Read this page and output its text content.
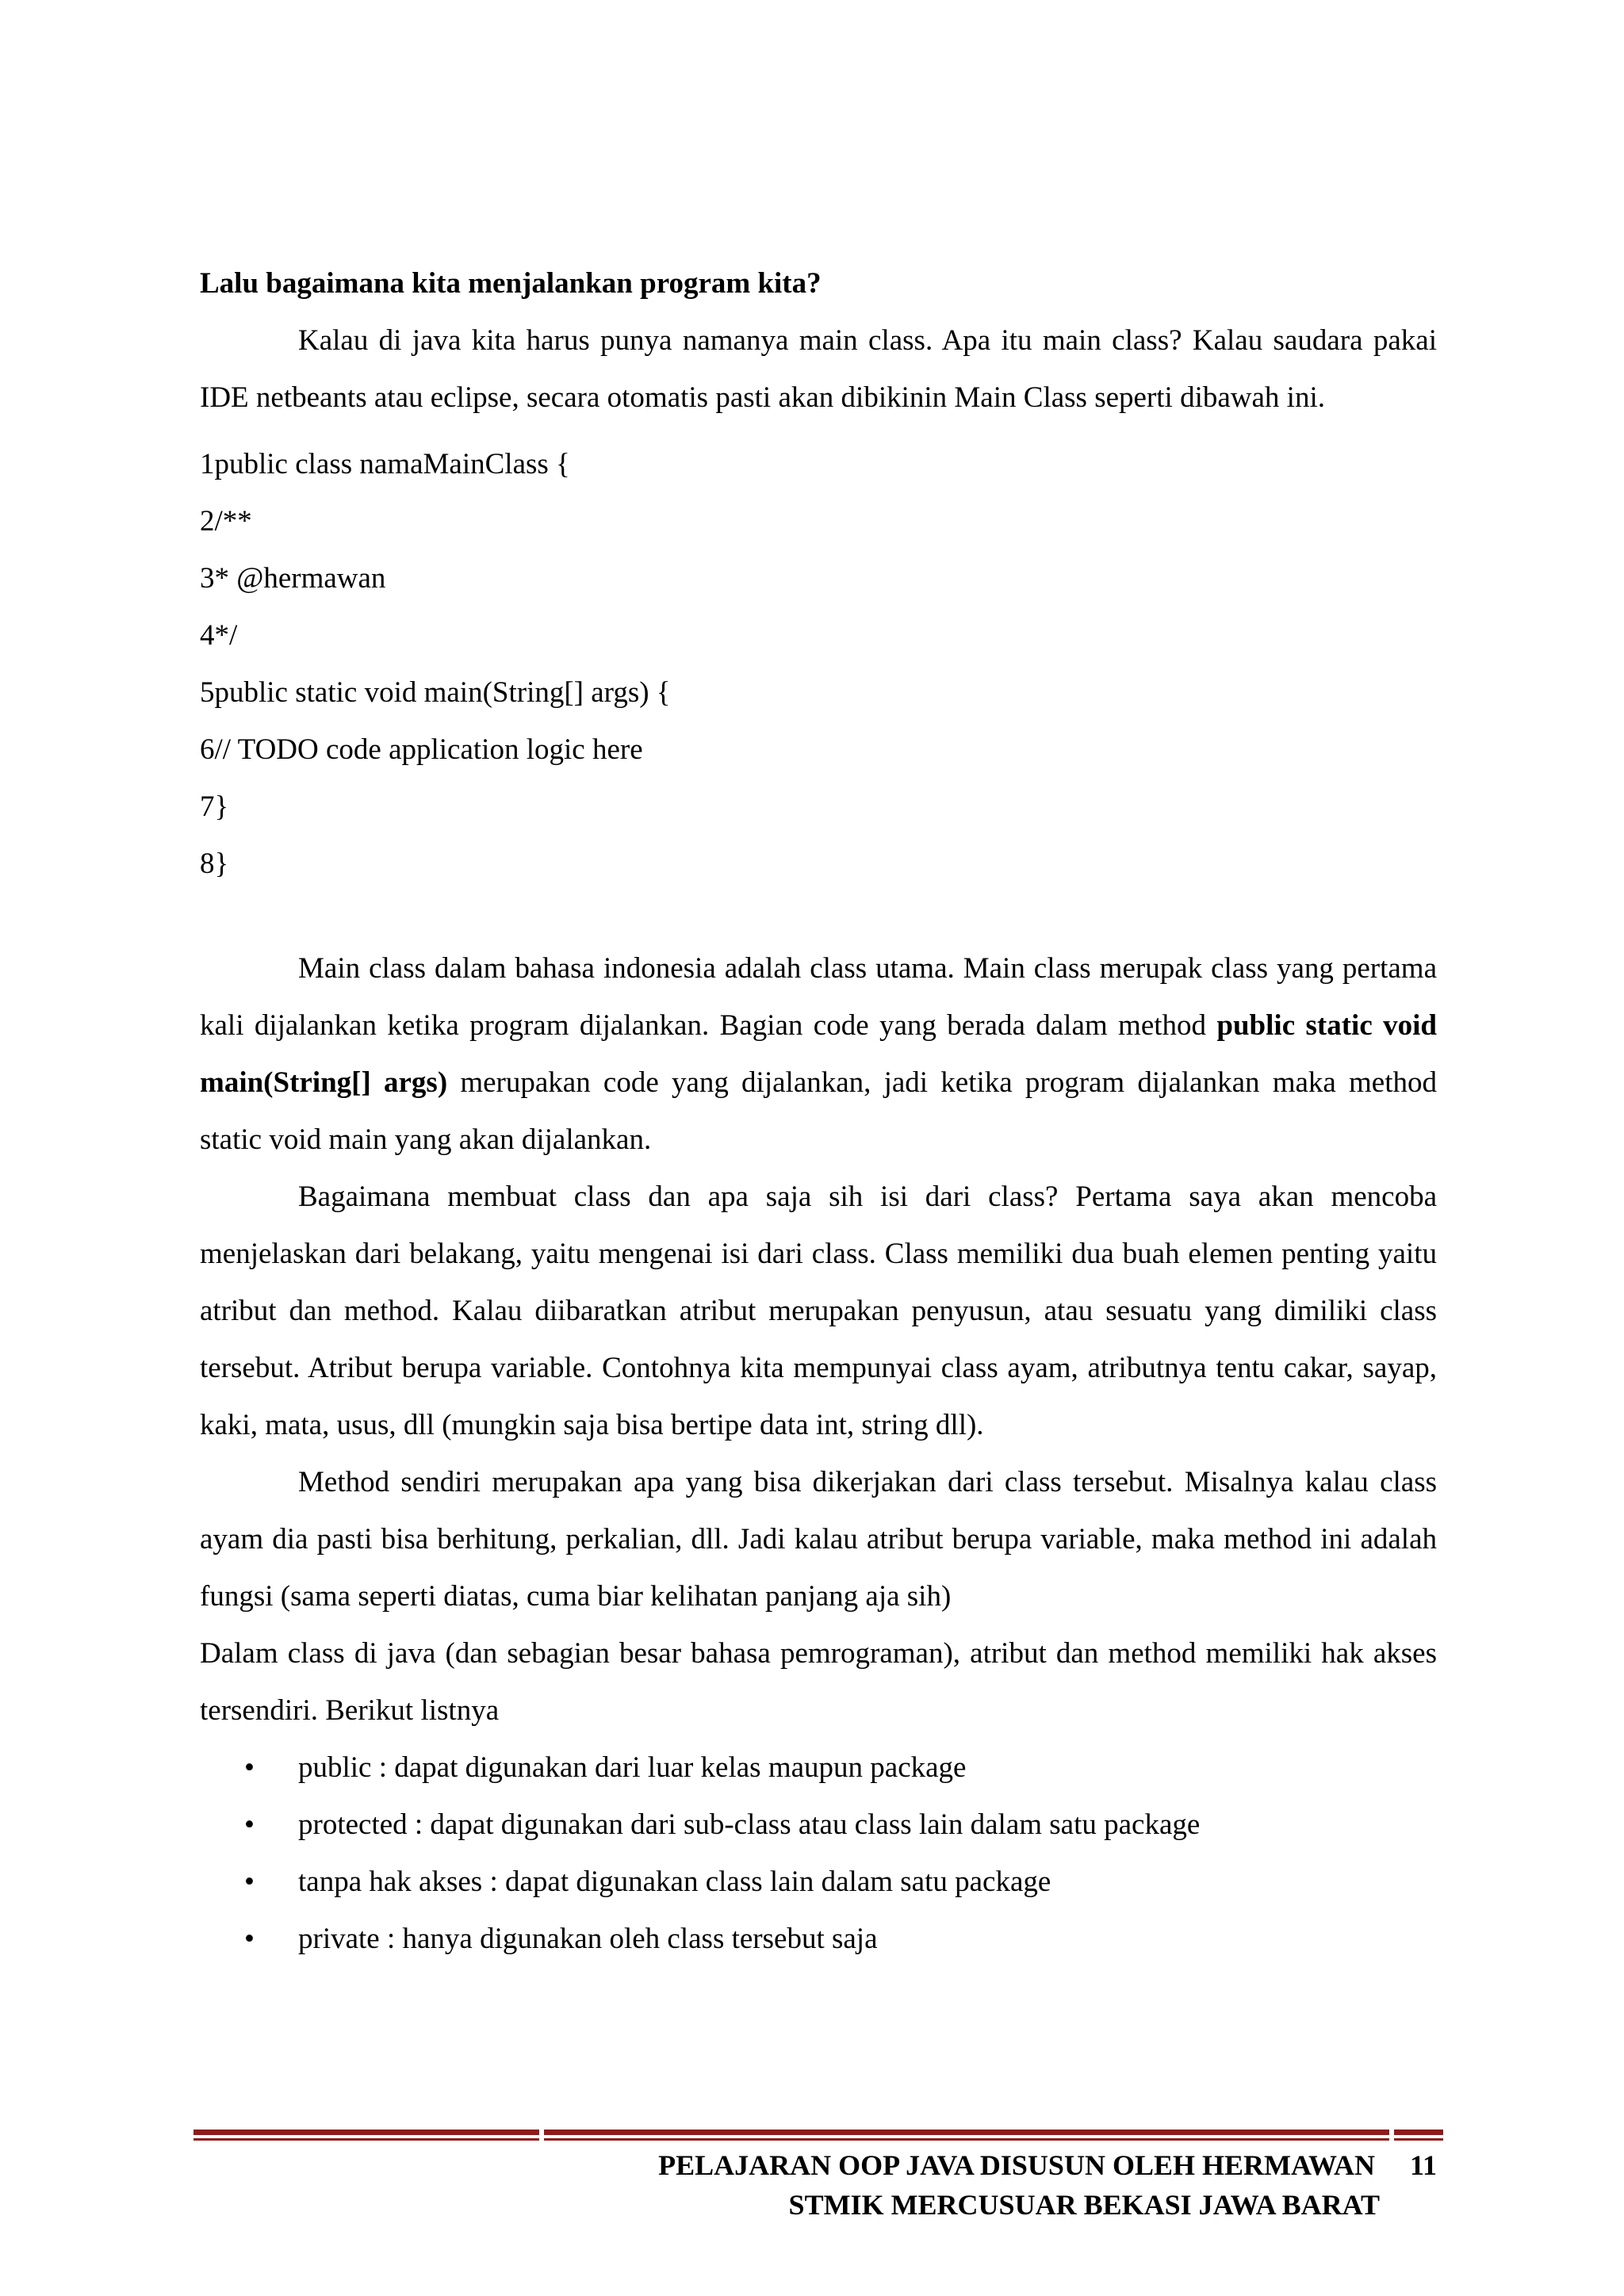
Lalu bagaimana kita menjalankan program kita?

Kalau di java kita harus punya namanya main class. Apa itu main class? Kalau saudara pakai IDE netbeants atau eclipse, secara otomatis pasti akan dibikinin Main Class seperti dibawah ini.

1public class namaMainClass {

2/**

3* @hermawan

4*/

5public static void main(String[] args) {

6// TODO code application logic here

7}

8}

Main class dalam bahasa indonesia adalah class utama. Main class merupak class yang pertama kali dijalankan ketika program dijalankan. Bagian code yang berada dalam method public static void main(String[] args) merupakan code yang dijalankan, jadi ketika program dijalankan maka method static void main yang akan dijalankan.

Bagaimana membuat class dan apa saja sih isi dari class? Pertama saya akan mencoba menjelaskan dari belakang, yaitu mengenai isi dari class. Class memiliki dua buah elemen penting yaitu atribut dan method. Kalau diibaratkan atribut merupakan penyusun, atau sesuatu yang dimiliki class tersebut. Atribut berupa variable. Contohnya kita mempunyai class ayam, atributnya tentu cakar, sayap, kaki, mata, usus, dll (mungkin saja bisa bertipe data int, string dll).

Method sendiri merupakan apa yang bisa dikerjakan dari class tersebut. Misalnya kalau class ayam dia pasti bisa berhitung, perkalian, dll. Jadi kalau atribut berupa variable, maka method ini adalah fungsi (sama seperti diatas, cuma biar kelihatan panjang aja sih)

Dalam class di java (dan sebagian besar bahasa pemrograman), atribut dan method memiliki hak akses tersendiri. Berikut listnya

• public : dapat digunakan dari luar kelas maupun package
• protected : dapat digunakan dari sub-class atau class lain dalam satu package
• tanpa hak akses : dapat digunakan class lain dalam satu package
• private : hanya digunakan oleh class tersebut saja
PELAJARAN OOP JAVA DISUSUN OLEH HERMAWAN 11
STMIK MERCUSUAR BEKASI JAWA BARAT
